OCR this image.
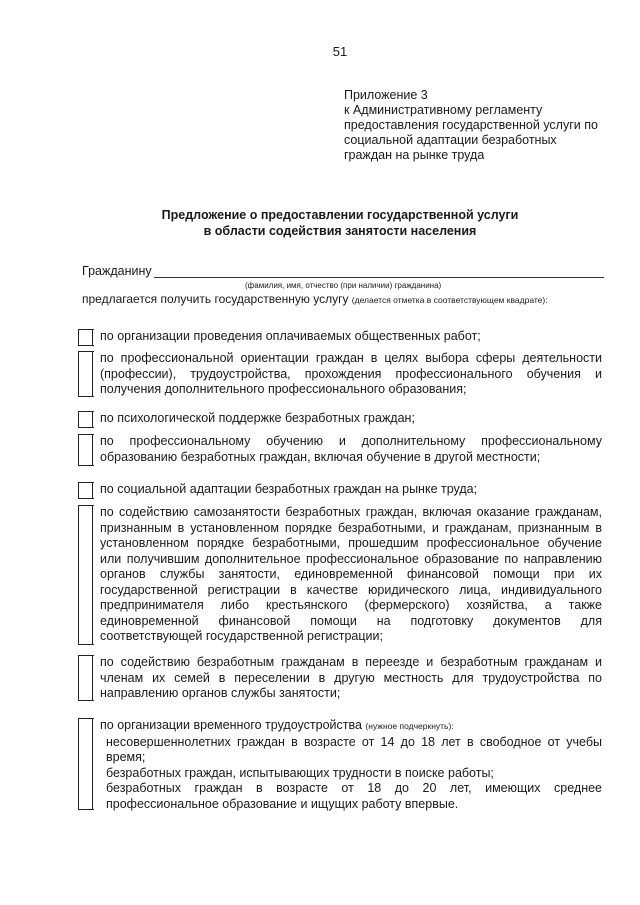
51
Приложение 3
к Административному регламенту
предоставления государственной услуги по
социальной адаптации безработных
граждан на рынке труда
Предложение о предоставлении государственной услуги
в области содействия занятости населения
Гражданину
(фамилия, имя, отчество (при наличии) гражданина)
предлагается получить государственную услугу (делается отметка в соответствующем квадрате):
по организации проведения оплачиваемых общественных работ;
по профессиональной ориентации граждан в целях выбора сферы деятельности (профессии), трудоустройства, прохождения профессионального обучения и получения дополнительного профессионального образования;
по психологической поддержке безработных граждан;
по профессиональному обучению и дополнительному профессиональному образованию безработных граждан, включая обучение в другой местности;
по социальной адаптации безработных граждан на рынке труда;
по содействию самозанятости безработных граждан, включая оказание гражданам, признанным в установленном порядке безработными, и гражданам, признанным в установленном порядке безработными, прошедшим профессиональное обучение или получившим дополнительное профессиональное образование по направлению органов службы занятости, единовременной финансовой помощи при их государственной регистрации в качестве юридического лица, индивидуального предпринимателя либо крестьянского (фермерского) хозяйства, а также единовременной финансовой помощи на подготовку документов для соответствующей государственной регистрации;
по содействию безработным гражданам в переезде и безработным гражданам и членам их семей в переселении в другую местность для трудоустройства по направлению органов службы занятости;
по организации временного трудоустройства (нужное подчеркнуть):
несовершеннолетних граждан в возрасте от 14 до 18 лет в свободное от учебы время;
безработных граждан, испытывающих трудности в поиске работы;
безработных граждан в возрасте от 18 до 20 лет, имеющих среднее профессиональное образование и ищущих работу впервые.
